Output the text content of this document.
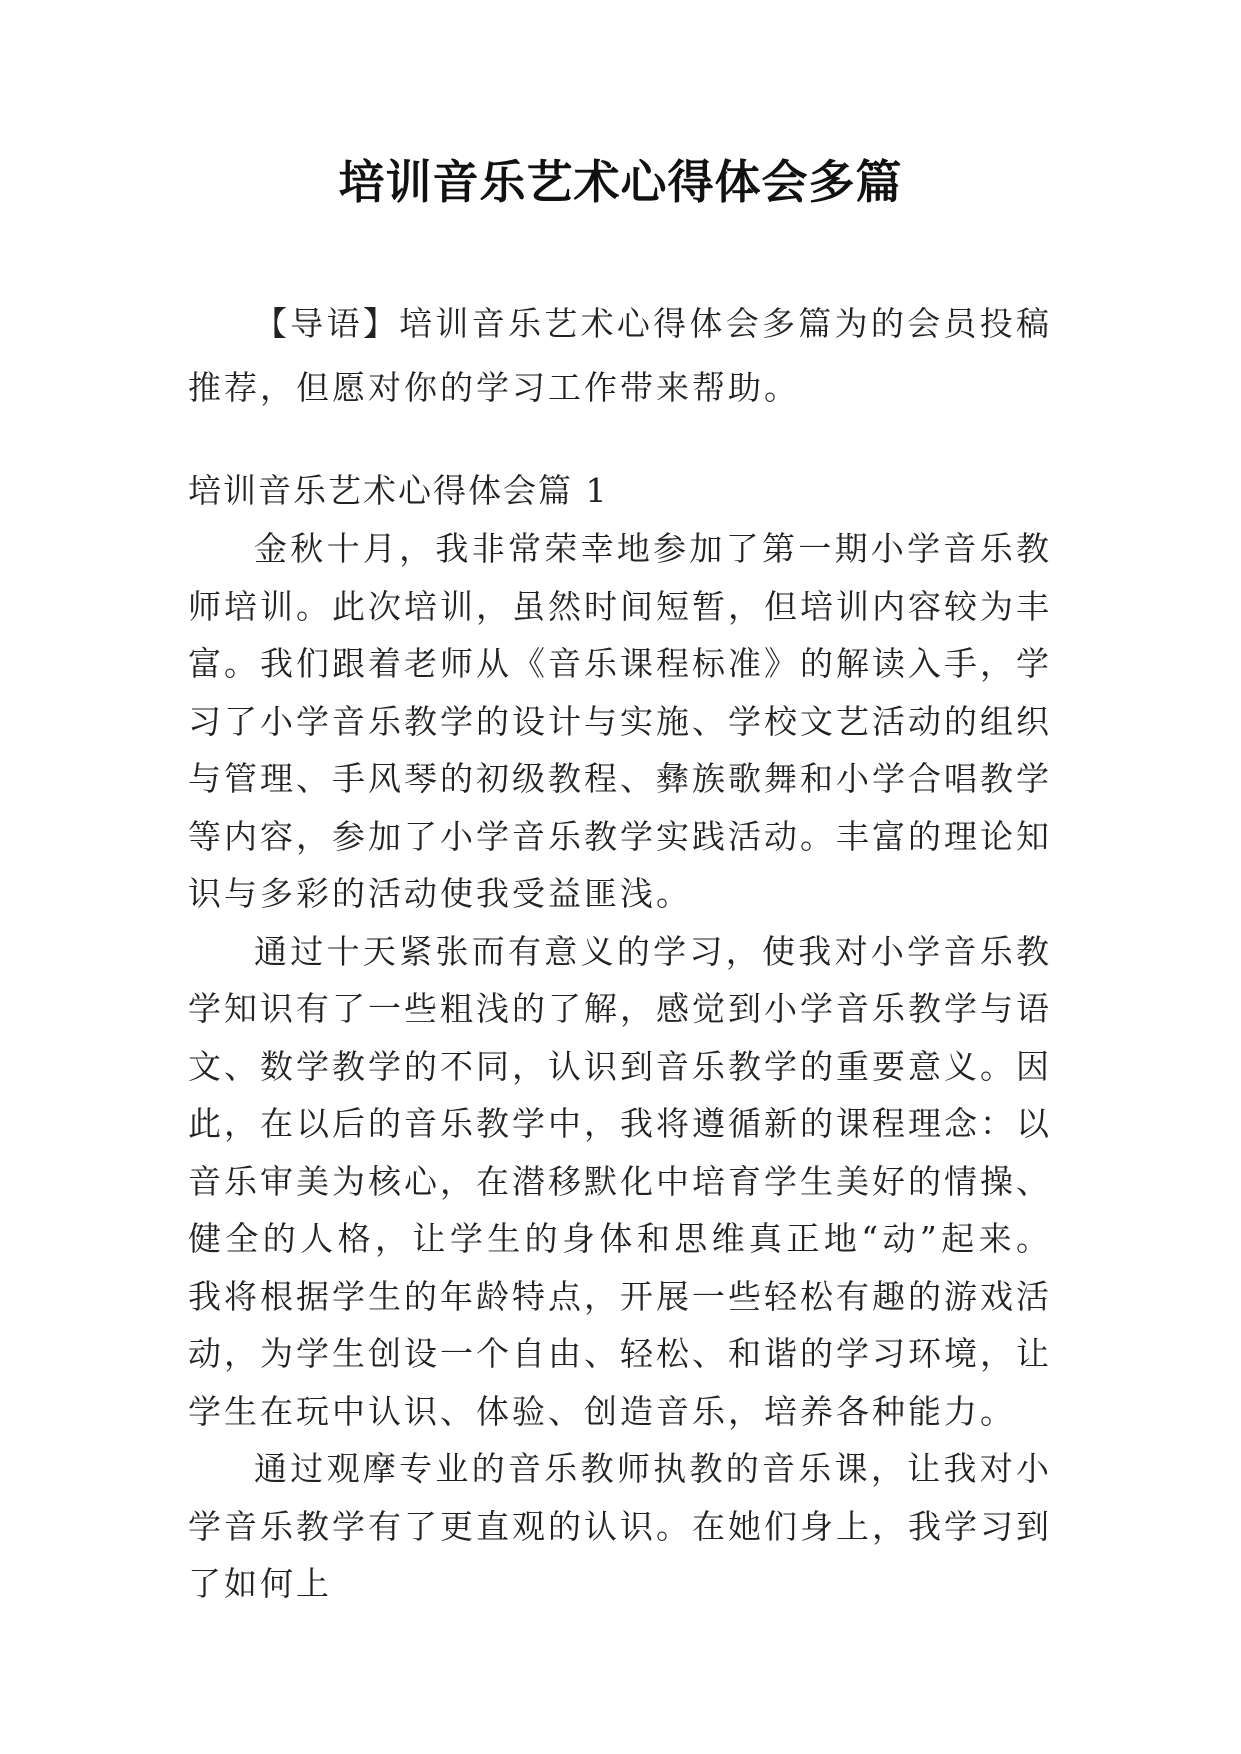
培训音乐艺术心得体会多篇

【导语】培训音乐艺术心得体会多篇为的会员投稿推荐，但愿对你的学习工作带来帮助。

培训音乐艺术心得体会篇 1

金秋十月，我非常荣幸地参加了第一期小学音乐教师培训。此次培训，虽然时间短暂，但培训内容较为丰富。我们跟着老师从《音乐课程标准》的解读入手，学习了小学音乐教学的设计与实施、学校文艺活动的组织与管理、手风琴的初级教程、彝族歌舞和小学合唱教学等内容，参加了小学音乐教学实践活动。丰富的理论知识与多彩的活动使我受益匪浅。

通过十天紧张而有意义的学习，使我对小学音乐教学知识有了一些粗浅的了解，感觉到小学音乐教学与语文、数学教学的不同，认识到音乐教学的重要意义。因此，在以后的音乐教学中，我将遵循新的课程理念：以音乐审美为核心，在潜移默化中培育学生美好的情操、健全的人格，让学生的身体和思维真正地“动”起来。我将根据学生的年龄特点，开展一些轻松有趣的游戏活动，为学生创设一个自由、轻松、和谐的学习环境，让学生在玩中认识、体验、创造音乐，培养各种能力。

通过观摩专业的音乐教师执教的音乐课，让我对小学音乐教学有了更直观的认识。在她们身上，我学习到了如何上
